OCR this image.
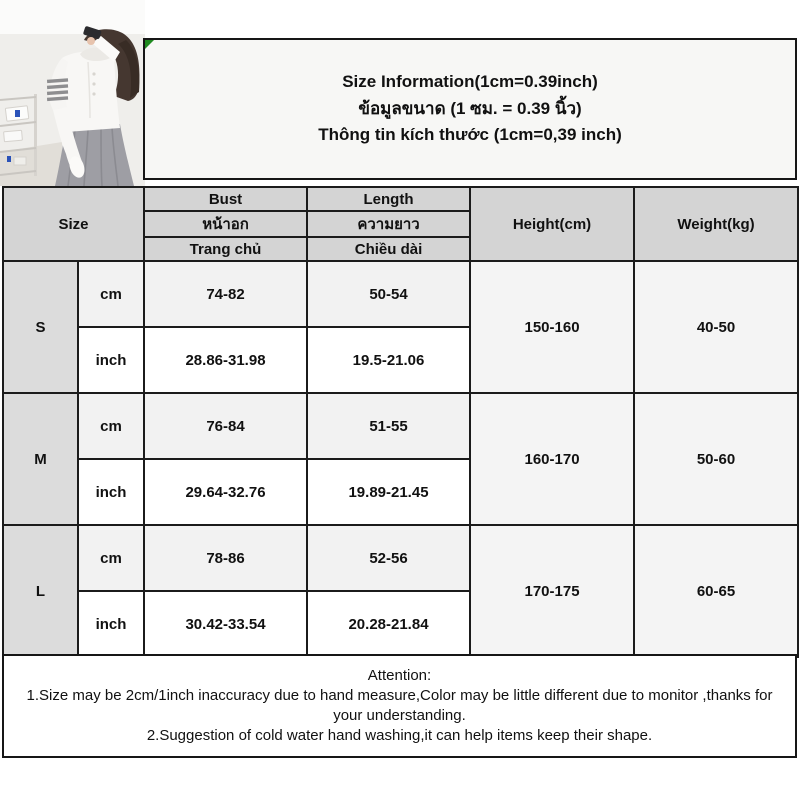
Size Information(1cm=0.39inch)
ข้อมูลขนาด (1 ซม. = 0.39 นิ้ว)
Thông tin kích thước (1cm=0,39 inch)
Size		Bust	Length	Height(cm)	Weight(kg)
		หน้าอก	ความยาว		
		Trang chủ	Chiều dài		
S	cm	74-82	50-54	150-160	40-50
	inch	28.86-31.98	19.5-21.06		
M	cm	76-84	51-55	160-170	50-60
	inch	29.64-32.76	19.89-21.45		
L	cm	78-86	52-56	170-175	60-65
	inch	30.42-33.54	20.28-21.84		
Attention:
1.Size may be 2cm/1inch inaccuracy due to hand measure,Color may be little different due to monitor ,thanks for your understanding.
2.Suggestion of cold water hand washing,it can help items keep their shape.
